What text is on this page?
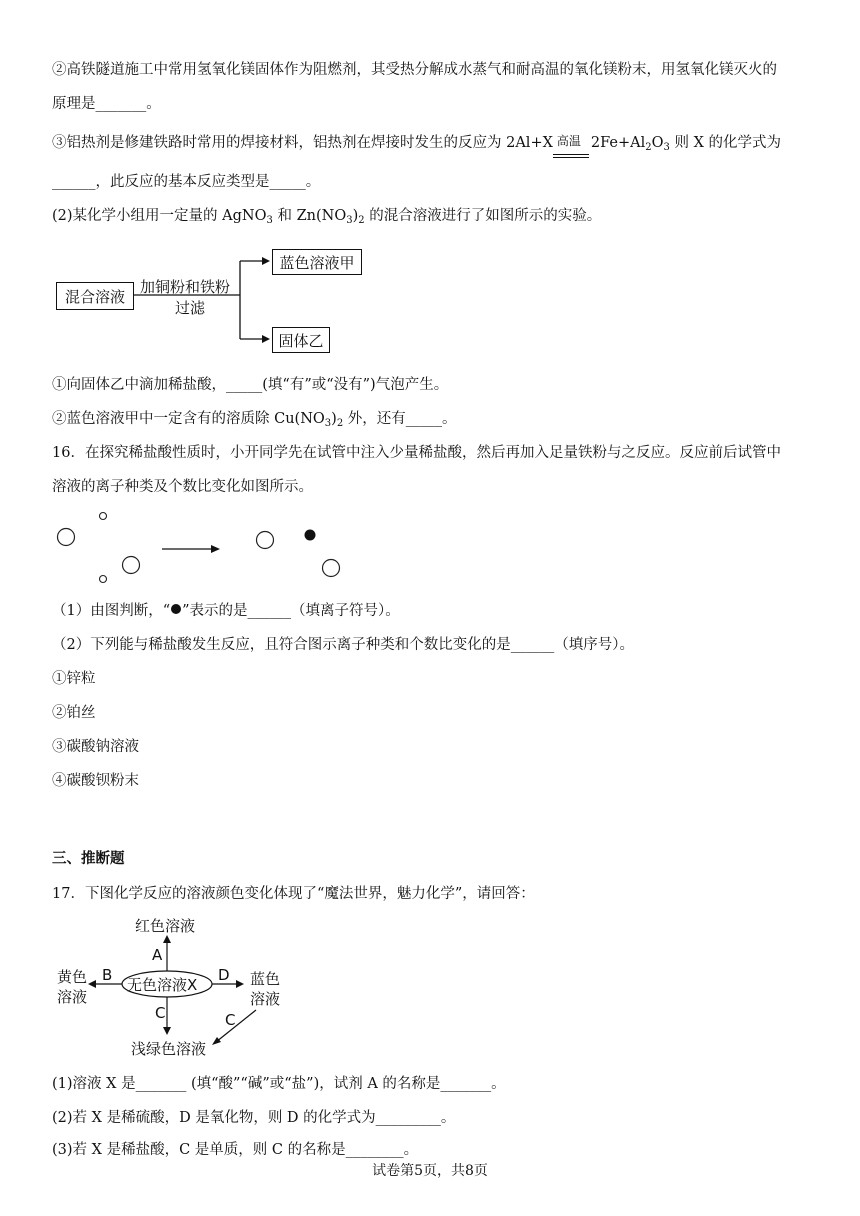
②高铁隧道施工中常用氢氧化镁固体作为阻燃剂，其受热分解成水蒸气和耐高温的氧化镁粉末，用氢氧化镁灭火的
原理是_______。
③铝热剂是修建铁路时常用的焊接材料，铝热剂在焊接时发生的反应为 2Al+X 高温 $2Fe+Al_2O_3$ 则 X 的化学式为
______，此反应的基本反应类型是_____。
(2)某化学小组用一定量的 AgNO$_3$ 和 $Zn(NO_3)_2$ 的混合溶液进行了如图所示的实验。
混合溶液
加铜粉和铁粉
过滤
蓝色溶液甲
固体乙
①向固体乙中滴加稀盐酸，_____(填“有”或“没有”)气泡产生。
②蓝色溶液甲中一定含有的溶质除 $Cu(NO_3)_2$ 外，还有_____。
16．在探究稀盐酸性质时，小开同学先在试管中注入少量稀盐酸，然后再加入足量铁粉与之反应。反应前后试管中
溶液的离子种类及个数比变化如图所示。
（1）由图判断，“ ”表示的是______（填离子符号）。
（2）下列能与稀盐酸发生反应，且符合图示离子种类和个数比变化的是______（填序号）。
①锌粒
②铂丝
③碳酸钠溶液
④碳酸钡粉末
三、推断题
17．下图化学反应的溶液颜色变化体现了“魔法世界，魅力化学”，请回答：
红色溶液
黄色
溶液
蓝色
溶液
浅绿色溶液
无色溶液X
A
B	D
C	C
(1)溶液 X 是_______ (填“酸”“碱”或“盐”)，试剂 A 的名称是_______。
(2)若 X 是稀硫酸，D 是氧化物，则 D 的化学式为_________。
(3)若 X 是稀盐酸，C 是单质，则 C 的名称是________。
试卷第5页，共8页
